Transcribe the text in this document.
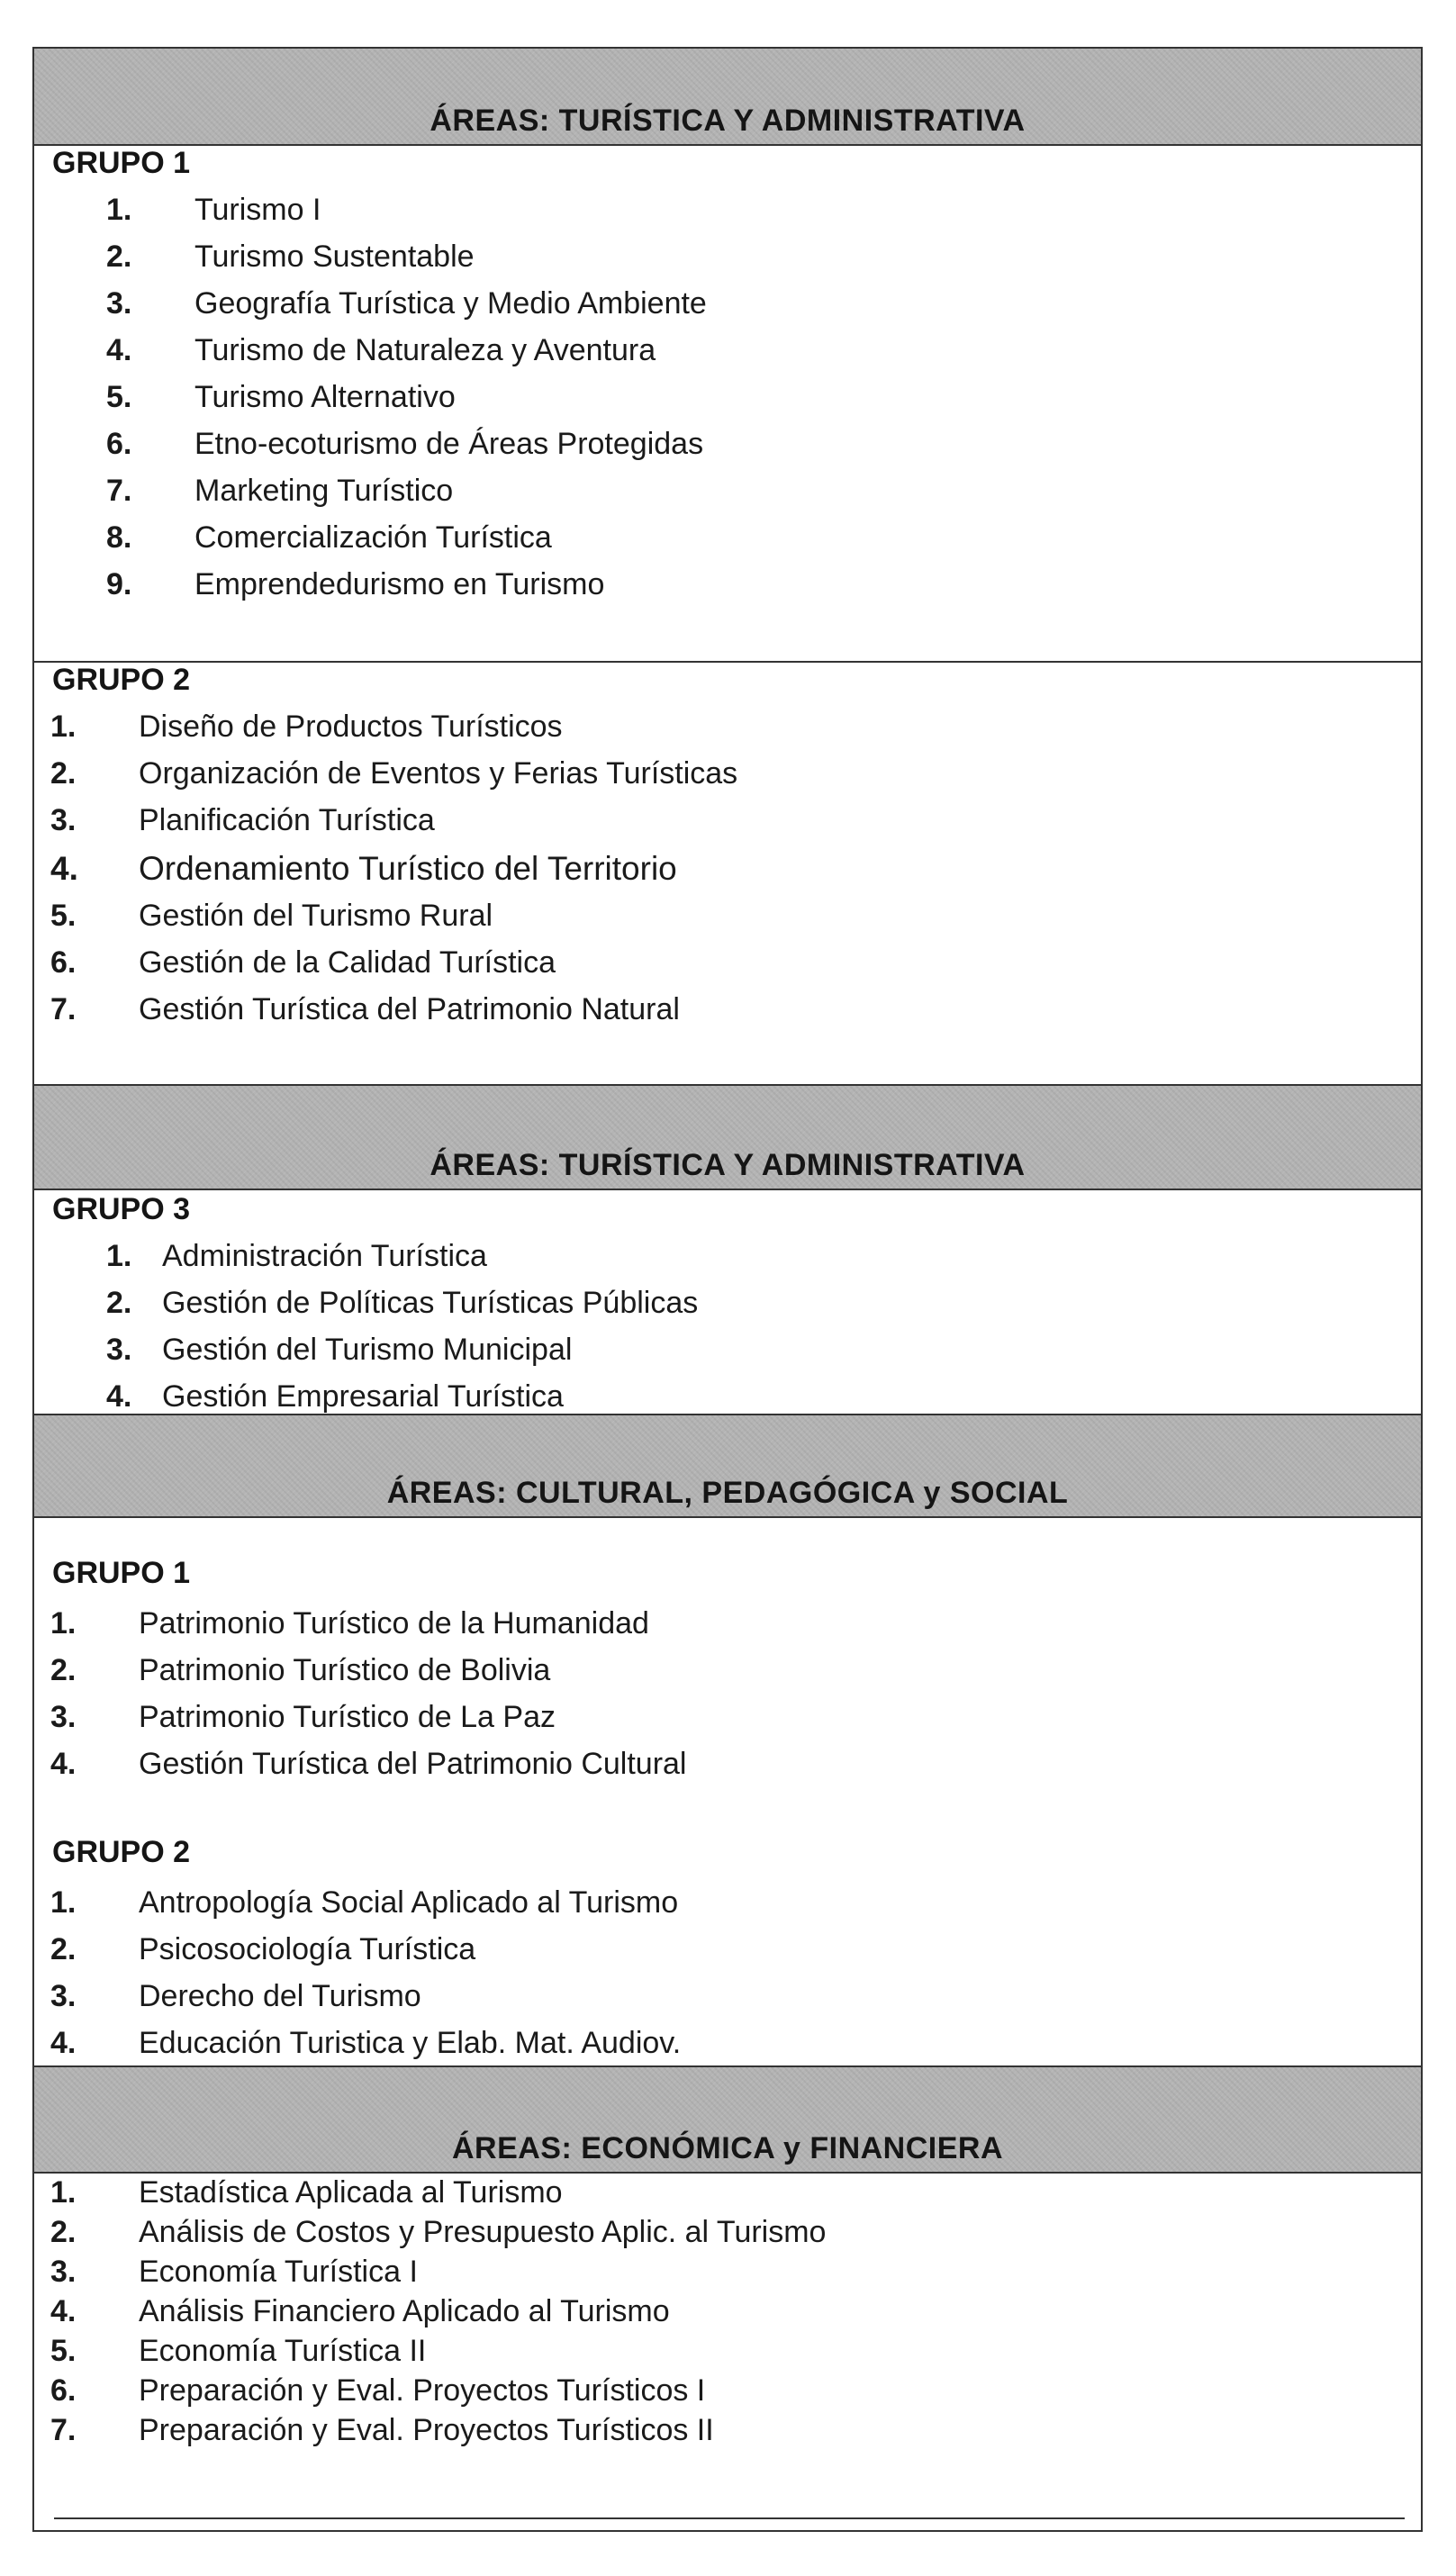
ÁREAS: TURÍSTICA Y ADMINISTRATIVA
GRUPO 1
1. Turismo I
2. Turismo Sustentable
3. Geografía Turística y Medio Ambiente
4. Turismo de Naturaleza y Aventura
5. Turismo Alternativo
6. Etno-ecoturismo de Áreas Protegidas
7. Marketing Turístico
8. Comercialización Turística
9. Emprendedurismo en Turismo
GRUPO 2
1. Diseño de Productos Turísticos
2. Organización de Eventos y Ferias Turísticas
3. Planificación Turística
4. Ordenamiento Turístico del Territorio
5. Gestión del Turismo Rural
6. Gestión de la Calidad Turística
7. Gestión Turística del Patrimonio Natural
ÁREAS: TURÍSTICA Y ADMINISTRATIVA
GRUPO 3
1. Administración Turística
2. Gestión de Políticas Turísticas Públicas
3. Gestión del Turismo Municipal
4. Gestión Empresarial Turística
ÁREAS: CULTURAL, PEDAGÓGICA y SOCIAL
GRUPO 1
1. Patrimonio Turístico de la Humanidad
2. Patrimonio Turístico de Bolivia
3. Patrimonio Turístico de La Paz
4. Gestión Turística del Patrimonio Cultural
GRUPO 2
1. Antropología Social Aplicado al Turismo
2. Psicosociología Turística
3. Derecho del Turismo
4. Educación Turistica y Elab. Mat. Audiov.
ÁREAS: ECONÓMICA y FINANCIERA
1. Estadística Aplicada al Turismo
2. Análisis de Costos y Presupuesto Aplic. al Turismo
3. Economía Turística I
4. Análisis Financiero Aplicado al Turismo
5. Economía Turística II
6. Preparación y Eval. Proyectos Turísticos I
7. Preparación y Eval. Proyectos Turísticos II
